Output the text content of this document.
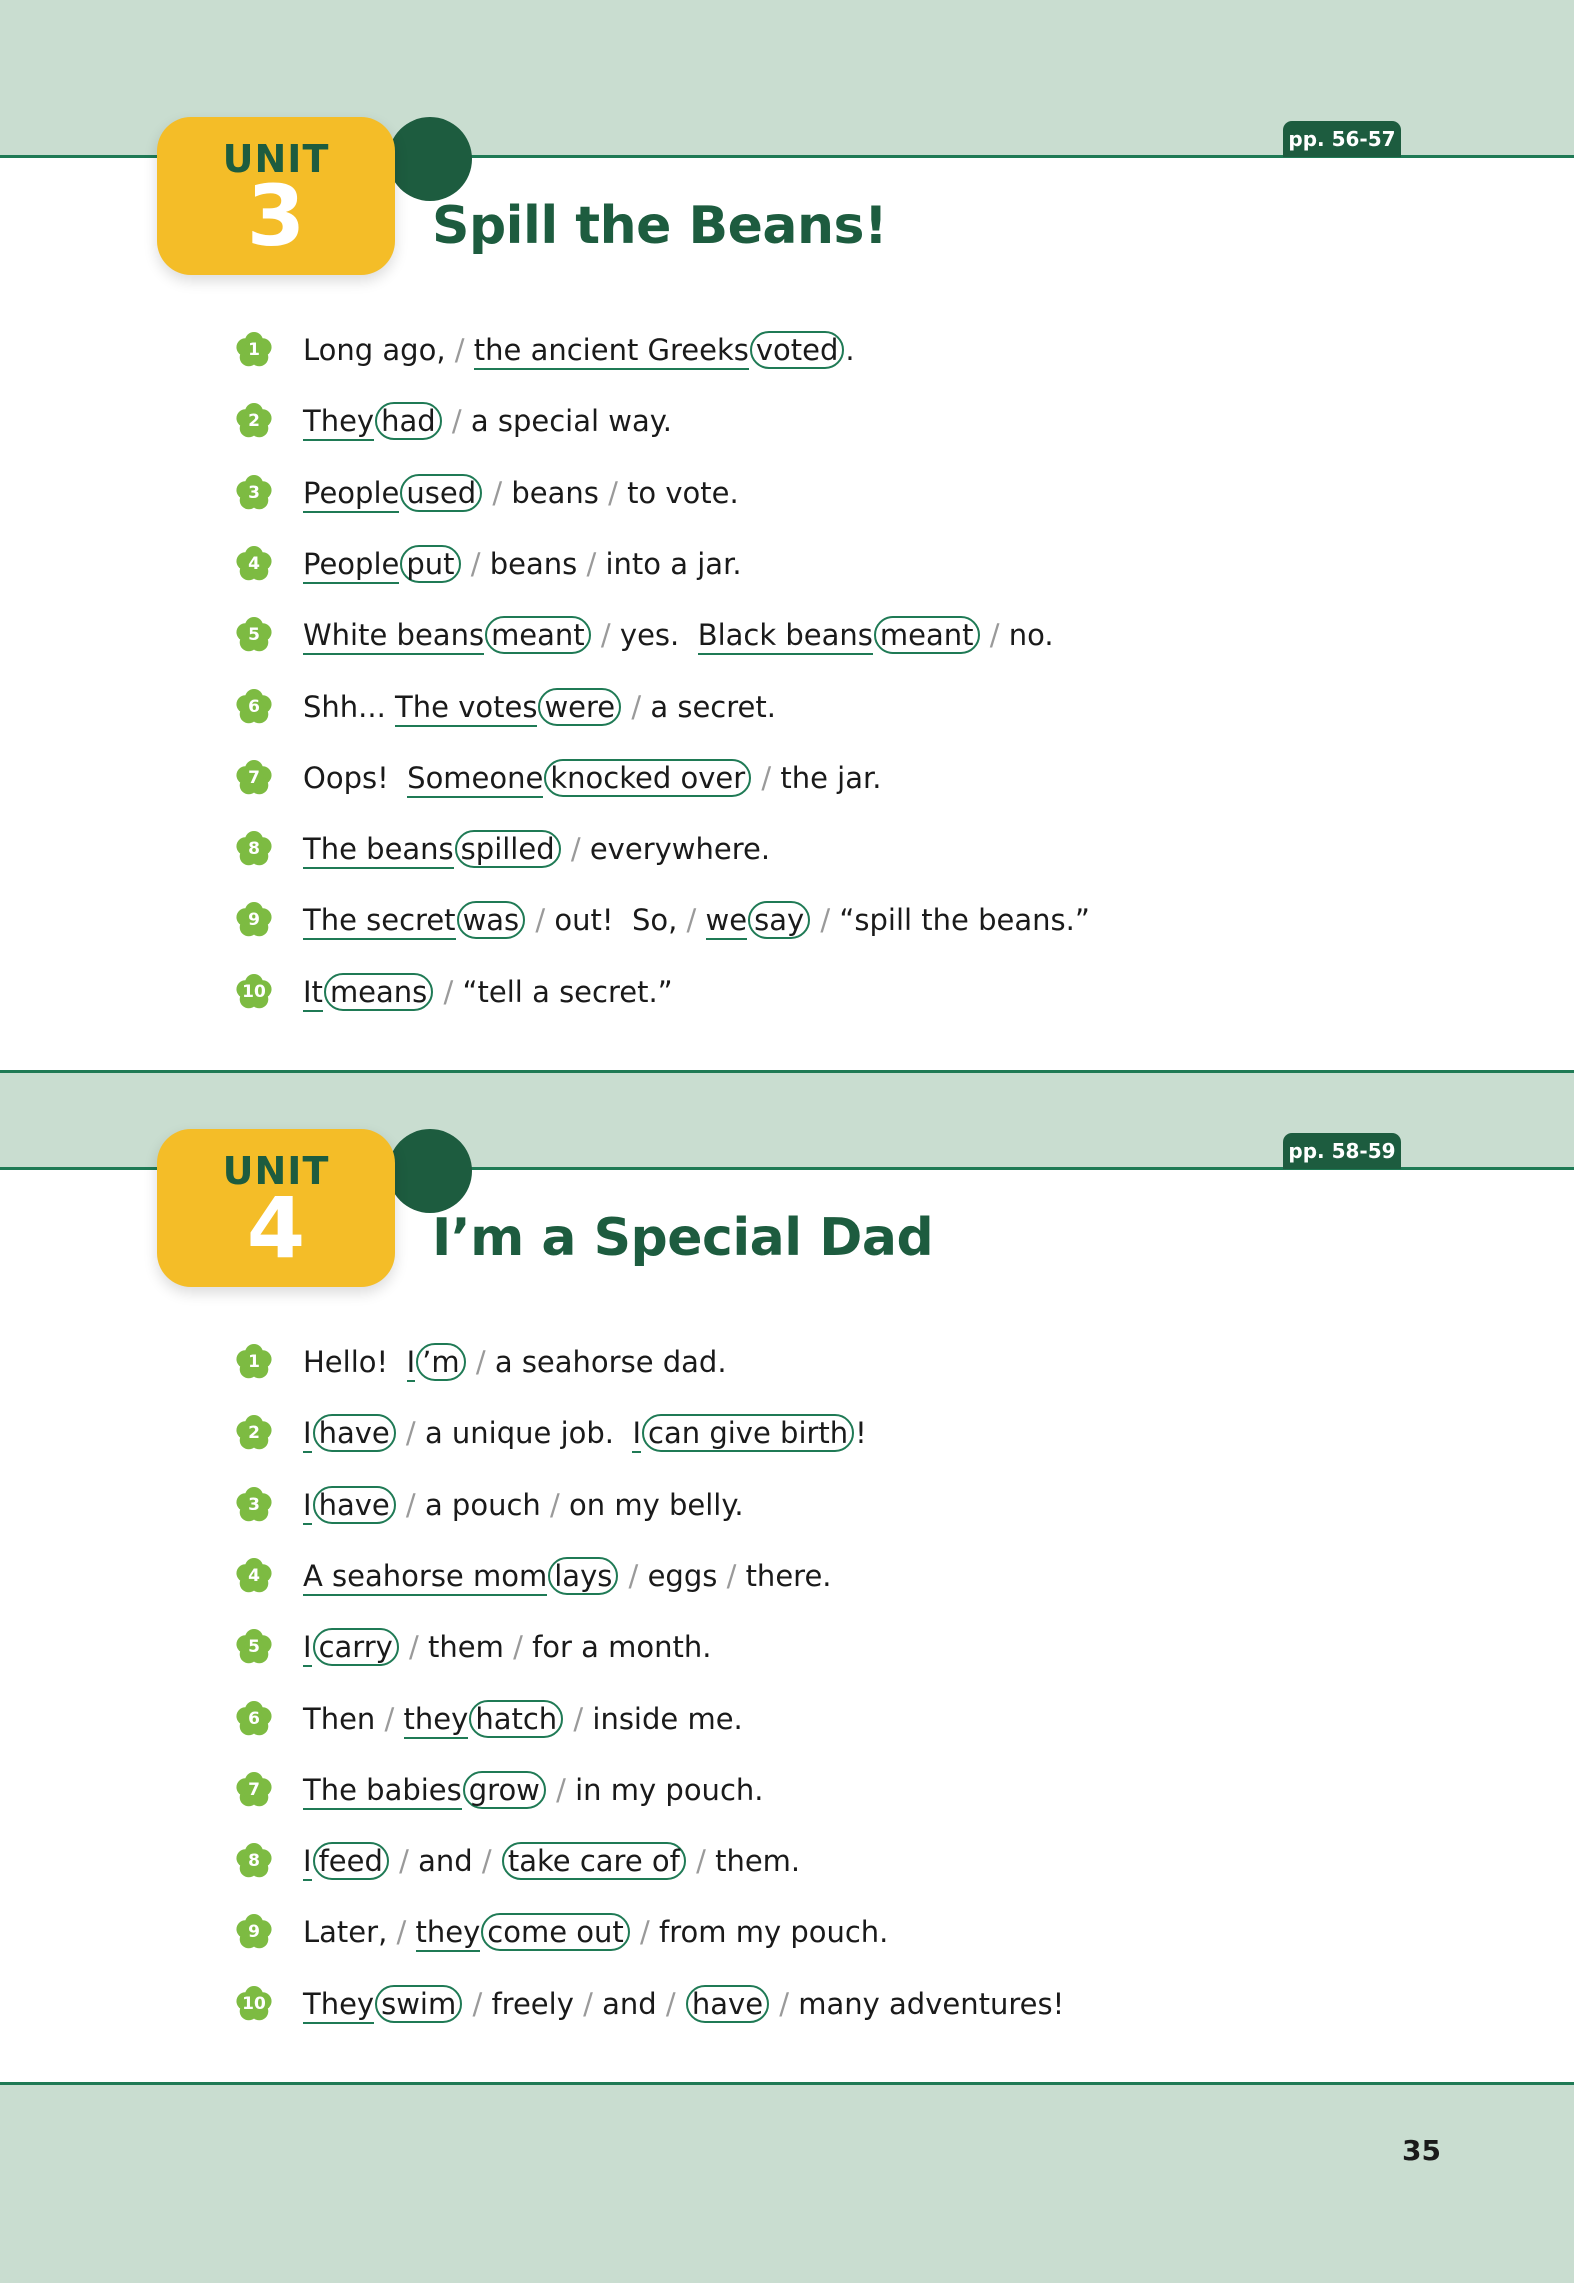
UNIT
3	Spill the Beans!
pp. 56-57
1	Long ago, / the ancient Greeks voted .
2	They had / a special way.
3	People used / beans / to vote.
4	People put / beans / into a jar.
5	White beans meant / yes.  Black beans meant / no.
6	Shh... The votes were / a secret.
7	Oops!  Someone knocked over / the jar.
8	The beans spilled / everywhere.
9	The secret was / out!  So, / we say / “spill the beans.”
10 It means / “tell a secret.”
UNIT
4	I’m a Special Dad
pp. 58-59
1	Hello!  I ’m / a seahorse dad.
2	I have / a unique job.  I can give birth !
3	I have / a pouch / on my belly.
4	A seahorse mom lays / eggs / there.
5	I carry / them / for a month.
6	Then / they hatch / inside me.
7	The babies grow / in my pouch.
8	I feed / and / take care of / them.
9	Later, / they come out / from my pouch.
10 They swim / freely / and / have / many adventures!
35
